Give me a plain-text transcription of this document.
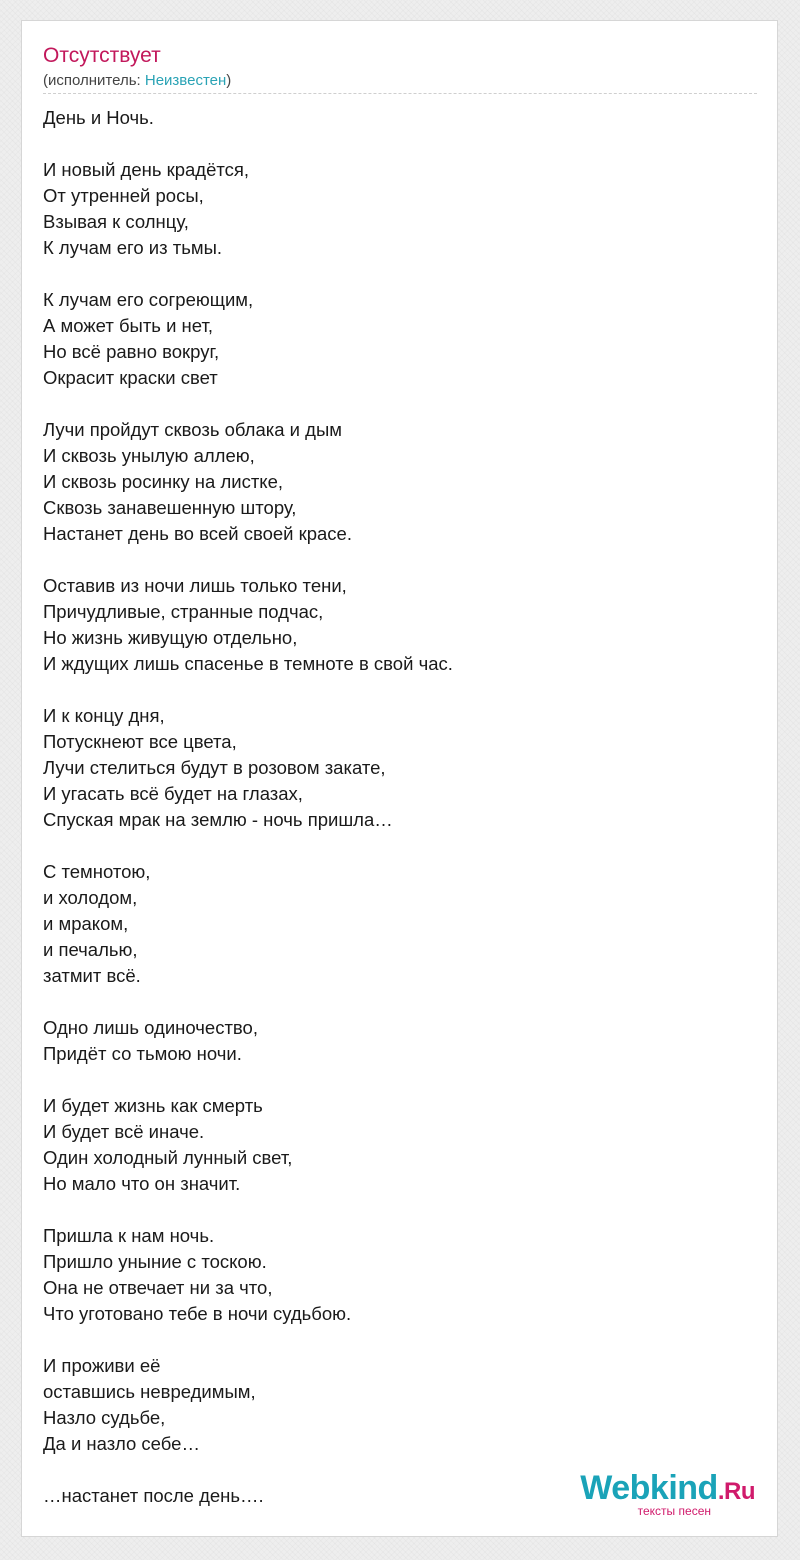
Отсутствует
(исполнитель: Неизвестен)
День и Ночь.
И новый день крадётся,
От утренней росы,
Взывая к солнцу,
К лучам его из тьмы.
К лучам его согреющим,
А может быть и нет,
Но всё равно вокруг,
Окрасит краски свет
Лучи пройдут сквозь облака и дым
И сквозь унылую аллею,
И сквозь росинку на листке,
Сквозь занавешенную штору,
Настанет день во всей своей красе.
Оставив из ночи лишь только тени,
Причудливые, странные подчас,
Но жизнь живущую отдельно,
И ждущих лишь спасенье в темноте в свой час.
И к концу дня,
Потускнеют все цвета,
Лучи стелиться будут в розовом закате,
И угасать всё будет на глазах,
Спуская мрак на землю - ночь пришла…
С темнотою,
и холодом,
и мраком,
и печалью,
затмит всё.
Одно лишь одиночество,
Придёт со тьмою ночи.
И будет жизнь как смерть
И будет всё иначе.
Один холодный лунный свет,
Но мало что он значит.
Пришла к нам ночь.
Пришло уныние с тоскою.
Она не отвечает ни за что,
Что уготовано тебе в ночи судьбою.
И проживи её
оставшись невредимым,
Назло судьбе,
Да и назло себе…
…настанет после день….	Webkind.Ru
тексты песен
